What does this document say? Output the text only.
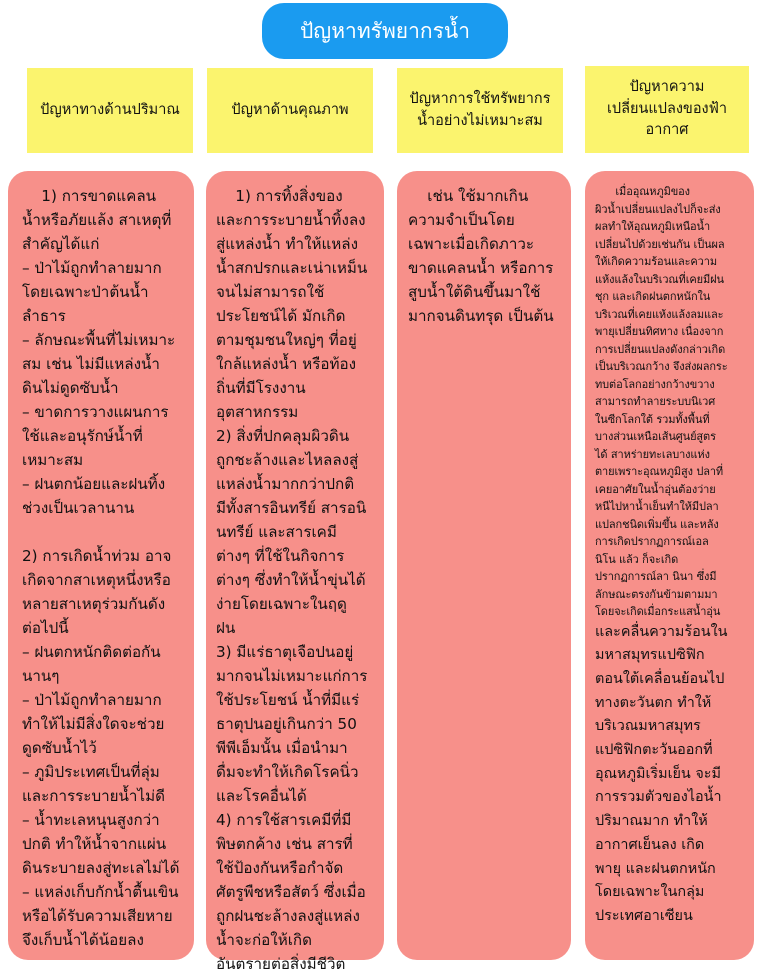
ปัญหาทรัพยากรน้ำ
ปัญหาทางด้านปริมาณ	ปัญหาด้านคุณภาพ
ปัญหาการใช้ทรัพยากรน้ำอย่างไม่เหมาะสม
ปัญหาความเปลี่ยนแปลงของฟ้าอากาศ

1) การขาดแคลน

น้ำหรือภัยแล้ง สาเหตุที่

สำคัญได้แก่

– ป่าไม้ถูกทำลายมาก

โดยเฉพาะป่าต้นน้ำ

ลำธาร

– ลักษณะพื้นที่ไม่เหมาะ

สม เช่น ไม่มีแหล่งน้ำ

ดินไม่ดูดซับน้ำ

– ขาดการวางแผนการ

ใช้และอนุรักษ์น้ำที่

เหมาะสม

– ฝนตกน้อยและฝนทิ้ง

ช่วงเป็นเวลานาน

2) การเกิดน้ำท่วม อาจ

เกิดจากสาเหตุหนึ่งหรือ

หลายสาเหตุร่วมกันดัง

ต่อไปนี้

– ฝนตกหนักติดต่อกัน

นานๆ

– ป่าไม้ถูกทำลายมาก

ทำให้ไม่มีสิ่งใดจะช่วย

ดูดซับน้ำไว้

– ภูมิประเทศเป็นที่ลุ่ม

และการระบายน้ำไม่ดี

– น้ำทะเลหนุนสูงกว่า

ปกติ ทำให้น้ำจากแผ่น

ดินระบายลงสู่ทะเลไม่ได้

– แหล่งเก็บกักน้ำตื้นเขิน

หรือได้รับความเสียหาย

จึงเก็บน้ำได้น้อยลง

1) การทิ้งสิ่งของ

และการระบายน้ำทิ้งลง

สู่แหล่งน้ำ ทำให้แหล่ง

น้ำสกปรกและเน่าเหม็น

จนไม่สามารถใช้

ประโยชน์ได้ มักเกิด

ตามชุมชนใหญ่ๆ ที่อยู่

ใกล้แหล่งน้ำ หรือท้อง

ถิ่นที่มีโรงงาน

อุตสาหกรรม

2) สิ่งที่ปกคลุมผิวดิน

ถูกชะล้างและไหลลงสู่

แหล่งน้ำมากกว่าปกติ

มีทั้งสารอินทรีย์ สารอนิ

นทรีย์ และสารเคมี

ต่างๆ ที่ใช้ในกิจการ

ต่างๆ ซึ่งทำให้น้ำขุ่นได้

ง่ายโดยเฉพาะในฤดู

ฝน

3) มีแร่ธาตุเจือปนอยู่

มากจนไม่เหมาะแก่การ

ใช้ประโยชน์ น้ำที่มีแร่

ธาตุปนอยู่เกินกว่า 50

พีพีเอ็มนั้น เมื่อนำมา

ดื่มจะทำให้เกิดโรคนิ่ว

และโรคอื่นได้

4) การใช้สารเคมีที่มี

พิษตกค้าง เช่น สารที่

ใช้ป้องกันหรือกำจัด

ศัตรูพืชหรือสัตว์ ซึ่งเมื่อ

ถูกฝนชะล้างลงสู่แหล่ง

น้ำจะก่อให้เกิด

อันตรายต่อสิ่งมีชีวิต

เช่น ใช้มากเกิน

ความจำเป็นโดย

เฉพาะเมื่อเกิดภาวะ

ขาดแคลนน้ำ หรือการ

สูบน้ำใต้ดินขึ้นมาใช้

มากจนดินทรุด เป็นต้น

เมื่ออุณหภูมิของ

ผิวน้ำเปลี่ยนแปลงไปก็จะส่ง

ผลทำให้อุณหภูมิเหนือน้ำ

เปลี่ยนไปด้วยเช่นกัน เป็นผล

ให้เกิดความร้อนและความ

แห้งแล้งในบริเวณที่เคยมีฝน

ชุก และเกิดฝนตกหนักใน

บริเวณที่เคยแห้งแล้งลมและ

พายุเปลี่ยนทิศทาง เนื่องจาก

การเปลี่ยนแปลงดังกล่าวเกิด

เป็นบริเวณกว้าง จึงส่งผลกระ

ทบต่อโลกอย่างกว้างขวาง

สามารถทำลายระบบนิเวศ

ในซีกโลกใต้ รวมทั้งพื้นที่

บางส่วนเหนือเส้นศูนย์สูตร

ได้ สาหร่ายทะเลบางแห่ง

ตายเพราะอุณหภูมิสูง ปลาที่

เคยอาศัยในน้ำอุ่นต้องว่าย

หนีไปหาน้ำเย็นทำให้มีปลา

แปลกชนิดเพิ่มขึ้น และหลัง

การเกิดปรากฏการณ์เอล

นิโน แล้ว ก็จะเกิด

ปรากฏการณ์ลา นินา ซึ่งมี

ลักษณะตรงกันข้ามตามมา

โดยจะเกิดเมื่อกระแสน้ำอุ่น

และคลื่นความร้อนใน

มหาสมุทรแปซิฟิก

ตอนใต้เคลื่อนย้อนไป

ทางตะวันตก ทำให้

บริเวณมหาสมุทร

แปซิฟิกตะวันออกที่

อุณหภูมิเริ่มเย็น จะมี

การรวมตัวของไอน้ำ

ปริมาณมาก ทำให้

อากาศเย็นลง เกิด

พายุ และฝนตกหนัก

โดยเฉพาะในกลุ่ม

ประเทศอาเซียน
